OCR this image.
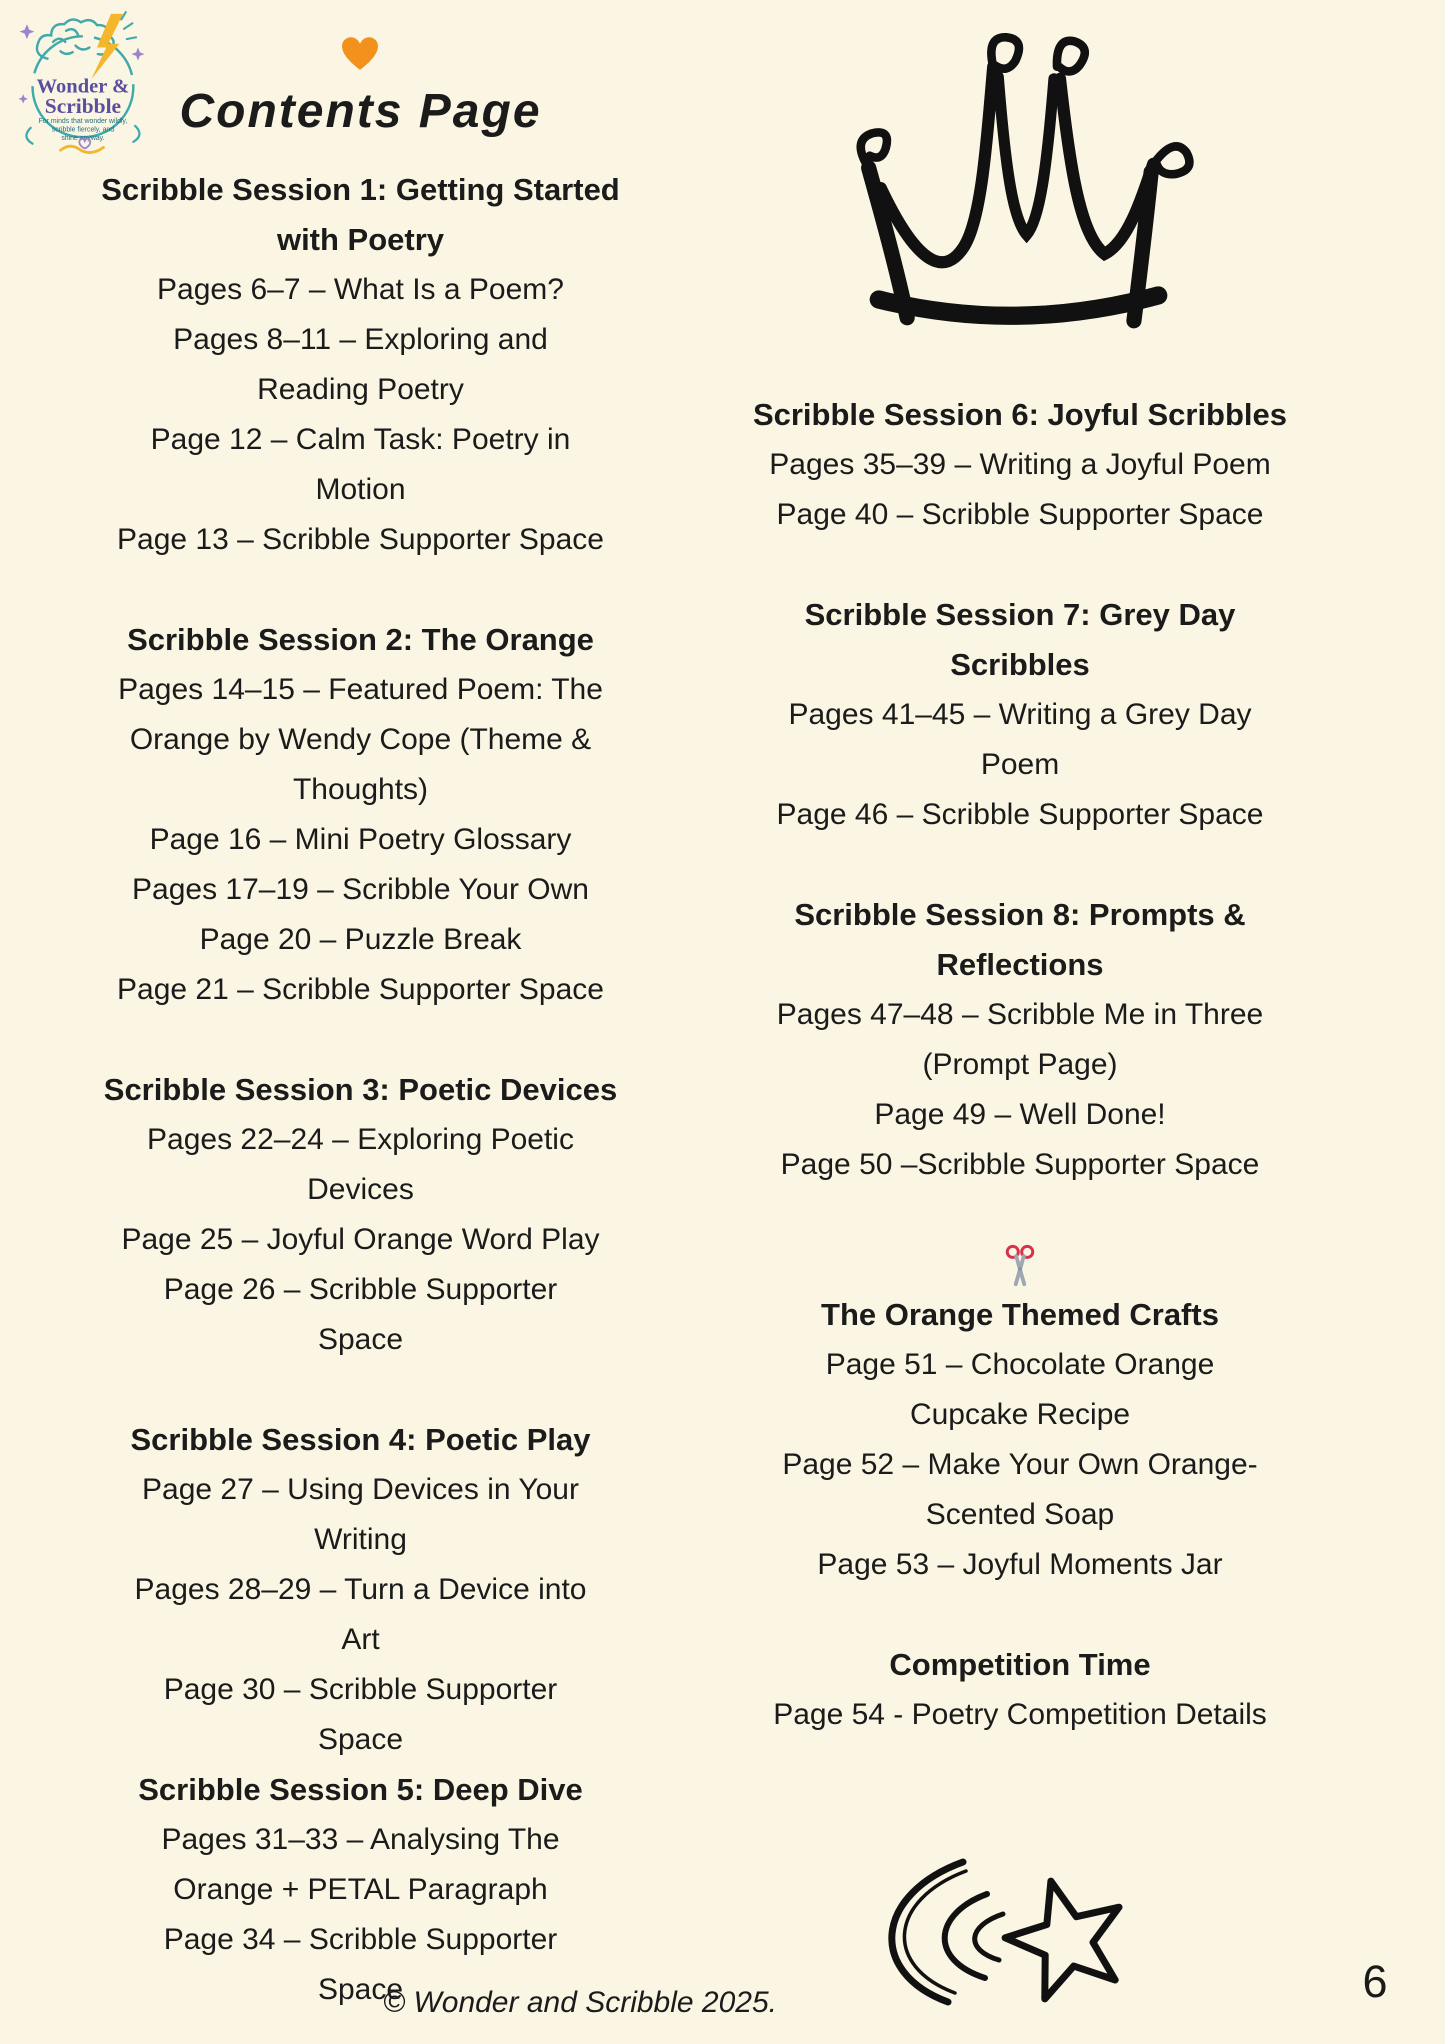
Wonder &
Scribble
For minds that wonder wildly,
scribble fiercely, and
shine anyway.
Contents Page
Scribble Session 1: Getting Started
with Poetry
Pages 6–7 – What Is a Poem?
Pages 8–11 – Exploring and
Reading Poetry
Page 12 – Calm Task: Poetry in
Motion
Page 13 – Scribble Supporter Space
Scribble Session 2: The Orange
Pages 14–15 – Featured Poem: The
Orange by Wendy Cope (Theme &
Thoughts)
Page 16 – Mini Poetry Glossary
Pages 17–19 – Scribble Your Own
Page 20 – Puzzle Break
Page 21 – Scribble Supporter Space
Scribble Session 3: Poetic Devices
Pages 22–24 – Exploring Poetic
Devices
Page 25 – Joyful Orange Word Play
Page 26 – Scribble Supporter
Space
Scribble Session 4: Poetic Play
Page 27 – Using Devices in Your
Writing
Pages 28–29 – Turn a Device into
Art
Page 30 – Scribble Supporter
Space
Scribble Session 5: Deep Dive
Pages 31–33 – Analysing The
Orange + PETAL Paragraph
Page 34 – Scribble Supporter
Space
Scribble Session 6: Joyful Scribbles
Pages 35–39 – Writing a Joyful Poem
Page 40 – Scribble Supporter Space
Scribble Session 7: Grey Day
Scribbles
Pages 41–45 – Writing a Grey Day
Poem
Page 46 – Scribble Supporter Space
Scribble Session 8: Prompts &
Reflections
Pages 47–48 – Scribble Me in Three
(Prompt Page)
Page 49 – Well Done!
Page 50 –Scribble Supporter Space
The Orange Themed Crafts
Page 51 – Chocolate Orange
Cupcake Recipe
Page 52 – Make Your Own Orange-
Scented Soap
Page 53 – Joyful Moments Jar
Competition Time
Page 54 - Poetry Competition Details
© Wonder and Scribble 2025.	6
